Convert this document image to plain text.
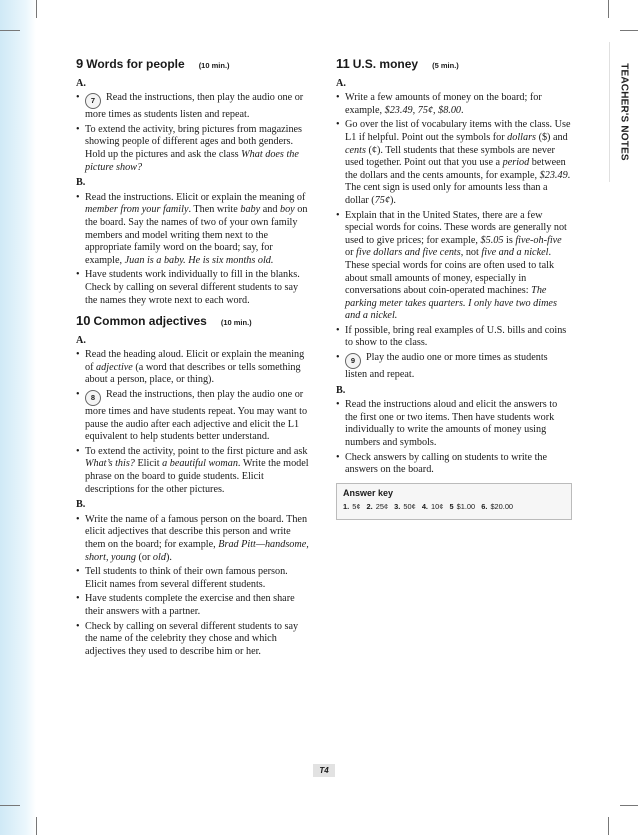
TEACHER'S NOTES
9 Words for people (10 min.)
A.
• 7 Read the instructions, then play the audio one or more times as students listen and repeat.
• To extend the activity, bring pictures from magazines showing people of different ages and both genders. Hold up the pictures and ask the class What does the picture show?
B.
• Read the instructions. Elicit or explain the meaning of member from your family. Then write baby and boy on the board. Say the names of two of your own family members and model writing them next to the appropriate family word on the board; say, for example, Juan is a baby. He is six months old.
• Have students work individually to fill in the blanks. Check by calling on several different students to say the names they wrote next to each word.
10 Common adjectives (10 min.)
A.
• Read the heading aloud. Elicit or explain the meaning of adjective (a word that describes or tells something about a person, place, or thing).
• 8 Read the instructions, then play the audio one or more times and have students repeat. You may want to pause the audio after each adjective and elicit the L1 equivalent to help students better understand.
• To extend the activity, point to the first picture and ask What’s this? Elicit a beautiful woman. Write the model phrase on the board to guide students. Elicit descriptions for the other pictures.
B.
• Write the name of a famous person on the board. Then elicit adjectives that describe this person and write them on the board; for example, Brad Pitt—handsome, short, young (or old).
• Tell students to think of their own famous person. Elicit names from several different students.
• Have students complete the exercise and then share their answers with a partner.
• Check by calling on several different students to say the name of the celebrity they chose and which adjectives they used to describe him or her.
11 U.S. money (5 min.)
A.
• Write a few amounts of money on the board; for example, $23.49, 75¢, $8.00.
• Go over the list of vocabulary items with the class. Use L1 if helpful. Point out the symbols for dollars ($) and cents (¢). Tell students that these symbols are never used together. Point out that you use a period between the dollars and the cents amounts, for example, $23.49. The cent sign is used only for amounts less than a dollar (75¢).
• Explain that in the United States, there are a few special words for coins. These words are generally not used to give prices; for example, $5.05 is five-oh-five or five dollars and five cents, not five and a nickel. These special words for coins are often used to talk about small amounts of money, especially in conversations about coin-operated machines: The parking meter takes quarters. I only have two dimes and a nickel.
• If possible, bring real examples of U.S. bills and coins to show to the class.
• 9 Play the audio one or more times as students listen and repeat.
B.
• Read the instructions aloud and elicit the answers to the first one or two items. Then have students work individually to write the amounts of money using numbers and symbols.
• Check answers by calling on students to write the answers on the board.
Answer key
1. 5¢ 2. 25¢ 3. 50¢ 4. 10¢ 5 $1.00 6. $20.00
T4
